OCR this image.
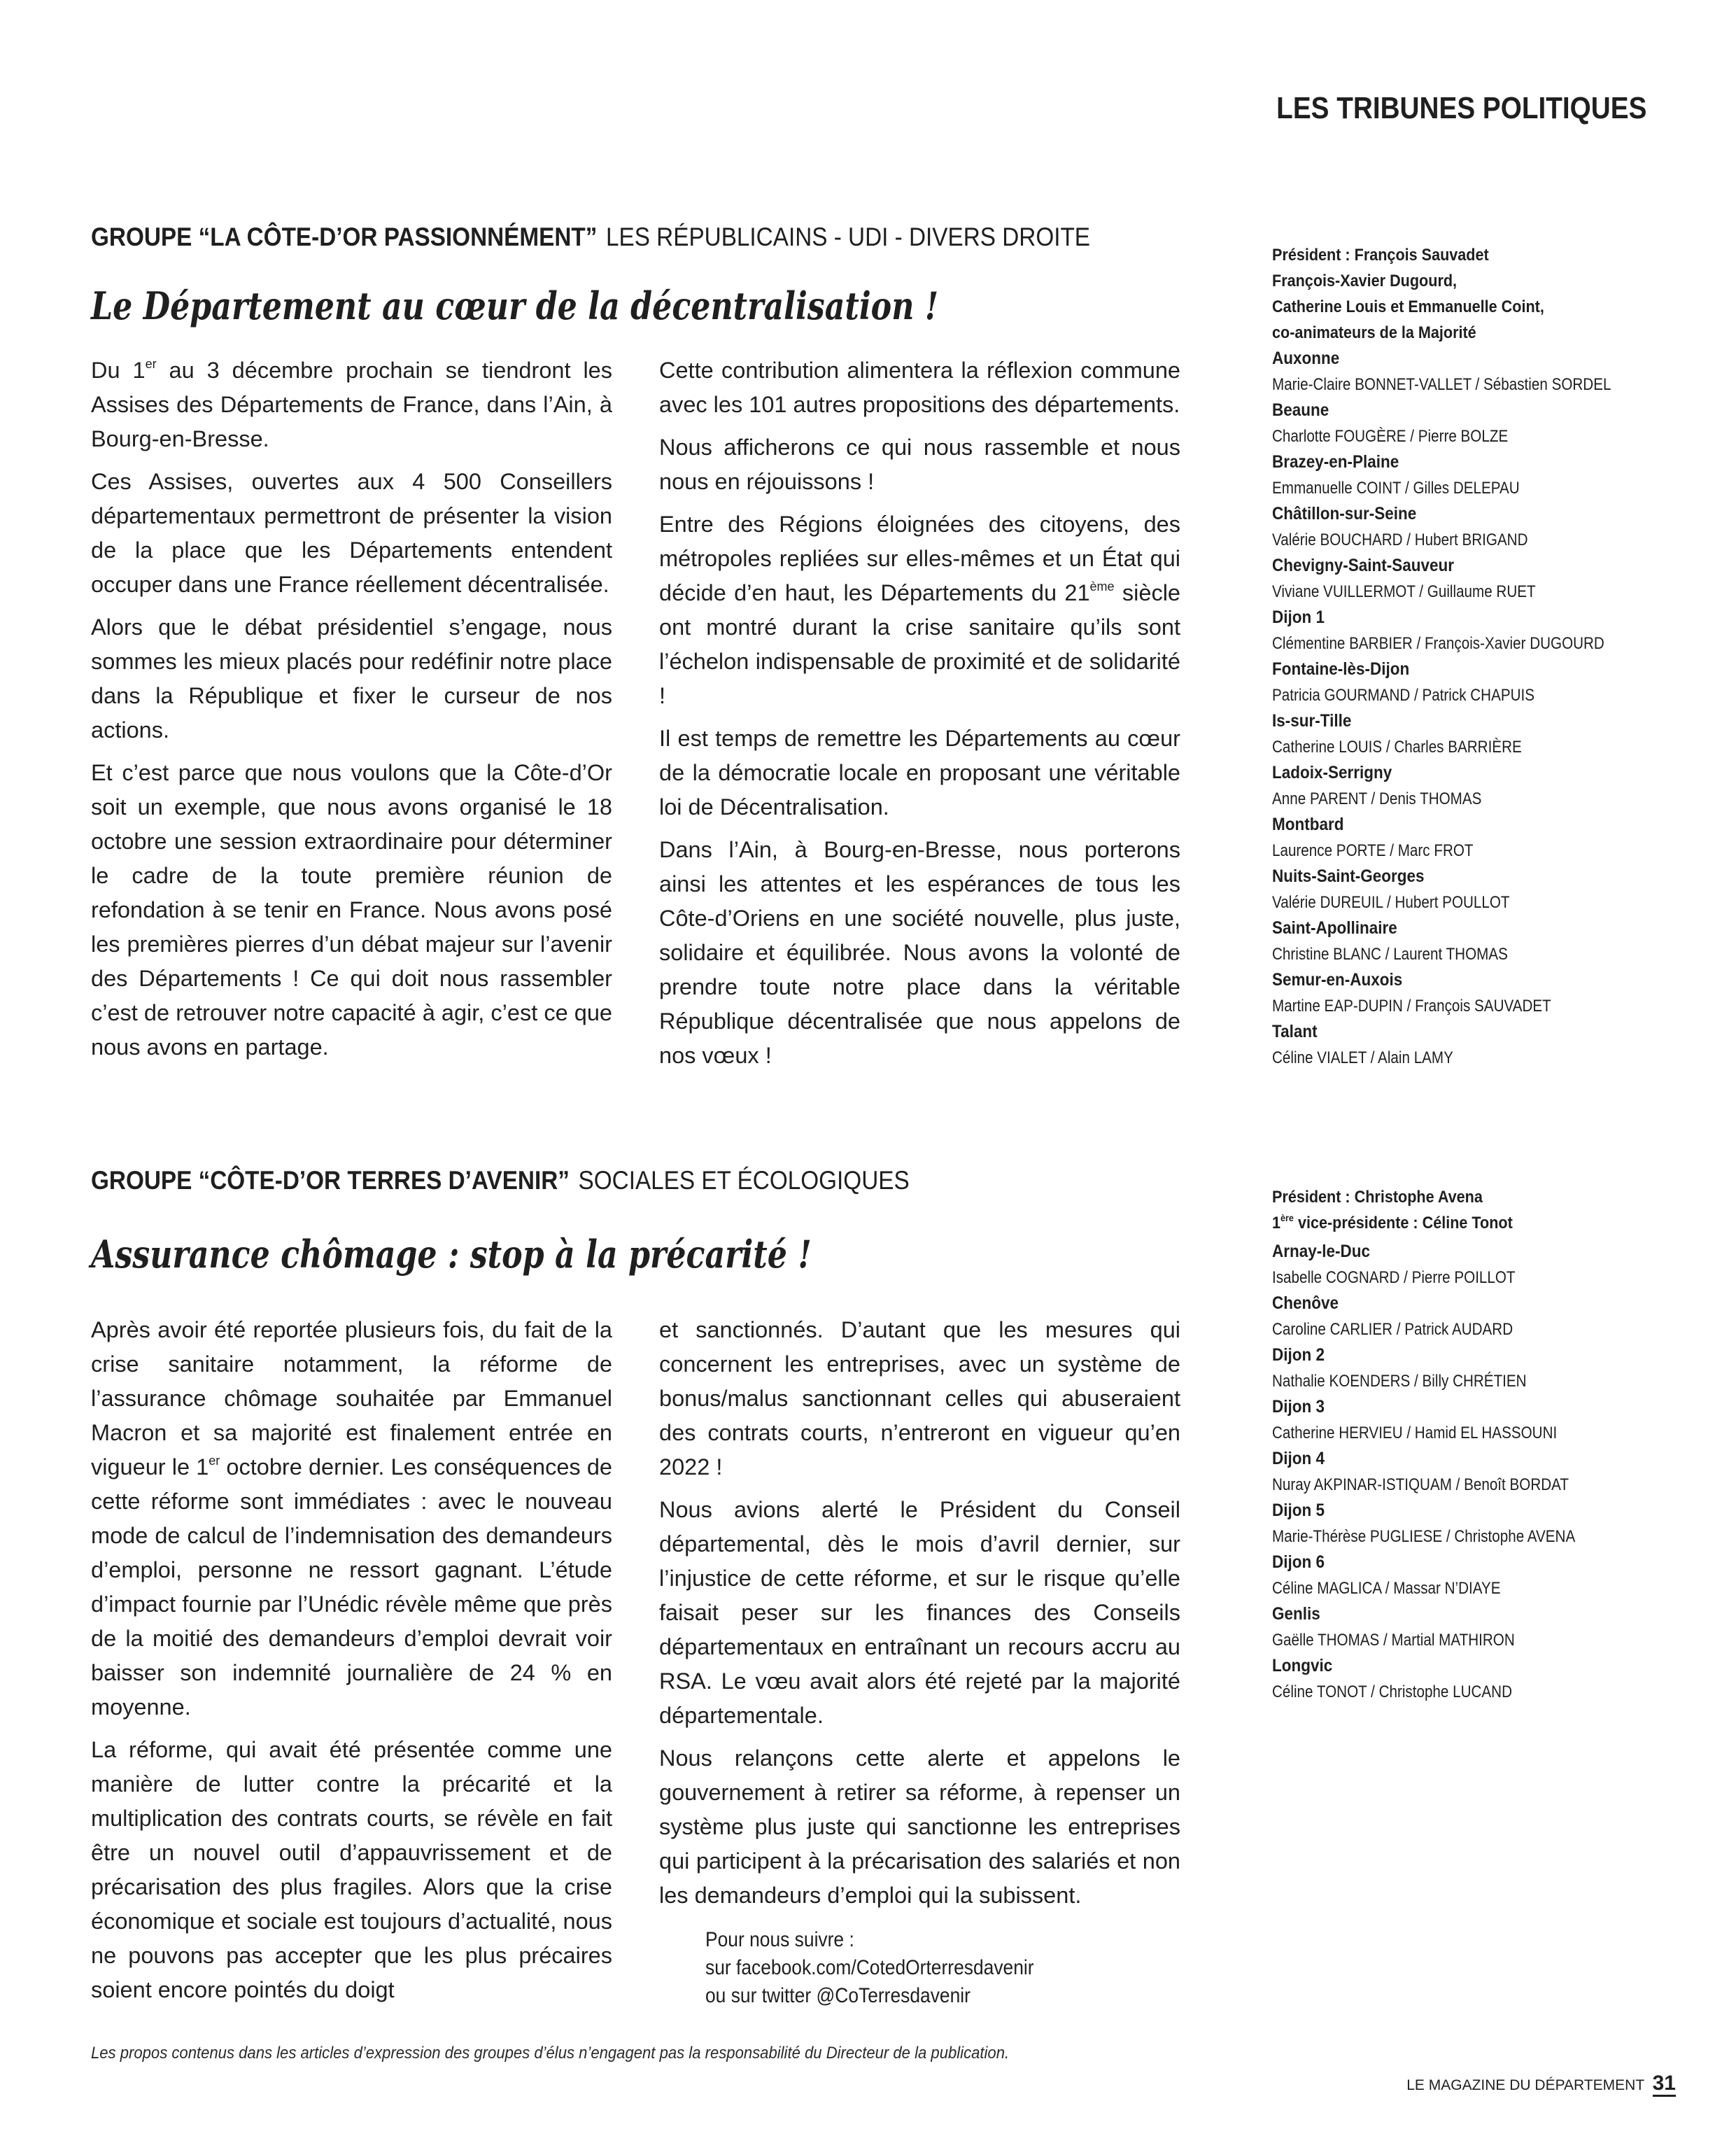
LES TRIBUNES POLITIQUES
GROUPE “LA CÔTE-D’OR PASSIONNÉMENT” LES RÉPUBLICAINS - UDI - DIVERS DROITE
Le Département au cœur de la décentralisation !

Du 1er au 3 décembre prochain se tiendront les Assises des Départements de France, dans l’Ain, à Bourg-en-Bresse.

Ces Assises, ouvertes aux 4 500 Conseillers départementaux permettront de présenter la vision de la place que les Départements entendent occuper dans une France réellement décentralisée.

Alors que le débat présidentiel s’engage, nous sommes les mieux placés pour redéfinir notre place dans la République et fixer le curseur de nos actions.

Et c’est parce que nous voulons que la Côte-d’Or soit un exemple, que nous avons organisé le 18 octobre une session extraordinaire pour déterminer le cadre de la toute première réunion de refondation à se tenir en France. Nous avons posé les premières pierres d’un débat majeur sur l’avenir des Départements ! Ce qui doit nous rassembler c’est de retrouver notre capacité à agir, c’est ce que nous avons en partage.

Cette contribution alimentera la réflexion commune avec les 101 autres propositions des départements.

Nous afficherons ce qui nous rassemble et nous nous en réjouissons !

Entre des Régions éloignées des citoyens, des métropoles repliées sur elles-mêmes et un État qui décide d’en haut, les Départements du 21ème siècle ont montré durant la crise sanitaire qu’ils sont l’échelon indispensable de proximité et de solidarité !

Il est temps de remettre les Départements au cœur de la démocratie locale en proposant une véritable loi de Décentralisation.

Dans l’Ain, à Bourg-en-Bresse, nous porterons ainsi les attentes et les espérances de tous les Côte-d’Oriens en une société nouvelle, plus juste, solidaire et équilibrée. Nous avons la volonté de prendre toute notre place dans la véritable République décentralisée que nous appelons de nos vœux !

Président : François Sauvadet
François-Xavier Dugourd,
Catherine Louis et Emmanuelle Coint,
co-animateurs de la Majorité
Auxonne
Marie-Claire BONNET-VALLET / Sébastien SORDEL
Beaune
Charlotte FOUGÈRE / Pierre BOLZE
Brazey-en-Plaine
Emmanuelle COINT / Gilles DELEPAU
Châtillon-sur-Seine
Valérie BOUCHARD / Hubert BRIGAND
Chevigny-Saint-Sauveur
Viviane VUILLERMOT / Guillaume RUET
Dijon 1
Clémentine BARBIER / François-Xavier DUGOURD
Fontaine-lès-Dijon
Patricia GOURMAND / Patrick CHAPUIS
Is-sur-Tille
Catherine LOUIS / Charles BARRIÈRE
Ladoix-Serrigny
Anne PARENT / Denis THOMAS
Montbard
Laurence PORTE / Marc FROT
Nuits-Saint-Georges
Valérie DUREUIL / Hubert POULLOT
Saint-Apollinaire
Christine BLANC / Laurent THOMAS
Semur-en-Auxois
Martine EAP-DUPIN / François SAUVADET
Talant
Céline VIALET / Alain LAMY
GROUPE “CÔTE-D’OR TERRES D’AVENIR” SOCIALES ET ÉCOLOGIQUES
Assurance chômage : stop à la précarité !

Après avoir été reportée plusieurs fois, du fait de la crise sanitaire notamment, la réforme de l’assurance chômage souhaitée par Emmanuel Macron et sa majorité est finalement entrée en vigueur le 1er octobre dernier. Les conséquences de cette réforme sont immédiates : avec le nouveau mode de calcul de l’indemnisation des demandeurs d’emploi, personne ne ressort gagnant. L’étude d’impact fournie par l’Unédic révèle même que près de la moitié des demandeurs d’emploi devrait voir baisser son indemnité journalière de 24 % en moyenne.

La réforme, qui avait été présentée comme une manière de lutter contre la précarité et la multiplication des contrats courts, se révèle en fait être un nouvel outil d’appauvrissement et de précarisation des plus fragiles. Alors que la crise économique et sociale est toujours d’actualité, nous ne pouvons pas accepter que les plus précaires soient encore pointés du doigt

et sanctionnés. D’autant que les mesures qui concernent les entreprises, avec un système de bonus/malus sanctionnant celles qui abuseraient des contrats courts, n’entreront en vigueur qu’en 2022 !

Nous avions alerté le Président du Conseil départemental, dès le mois d’avril dernier, sur l’injustice de cette réforme, et sur le risque qu’elle faisait peser sur les finances des Conseils départementaux en entraînant un recours accru au RSA. Le vœu avait alors été rejeté par la majorité départementale.

Nous relançons cette alerte et appelons le gouvernement à retirer sa réforme, à repenser un système plus juste qui sanctionne les entreprises qui participent à la précarisation des salariés et non les demandeurs d’emploi qui la subissent.

Pour nous suivre :
sur facebook.com/CotedOrterresdavenir
ou sur twitter @CoTerresdavenir
Président : Christophe Avena
1ère vice-présidente : Céline Tonot
Arnay-le-Duc
Isabelle COGNARD / Pierre POILLOT
Chenôve
Caroline CARLIER / Patrick AUDARD
Dijon 2
Nathalie KOENDERS / Billy CHRÉTIEN
Dijon 3
Catherine HERVIEU / Hamid EL HASSOUNI
Dijon 4
Nuray AKPINAR-ISTIQUAM / Benoît BORDAT
Dijon 5
Marie-Thérèse PUGLIESE / Christophe AVENA
Dijon 6
Céline MAGLICA / Massar N’DIAYE
Genlis
Gaëlle THOMAS / Martial MATHIRON
Longvic
Céline TONOT / Christophe LUCAND
Les propos contenus dans les articles d’expression des groupes d’élus n’engagent pas la responsabilité du Directeur de la publication.
LE MAGAZINE DU DÉPARTEMENT 31
